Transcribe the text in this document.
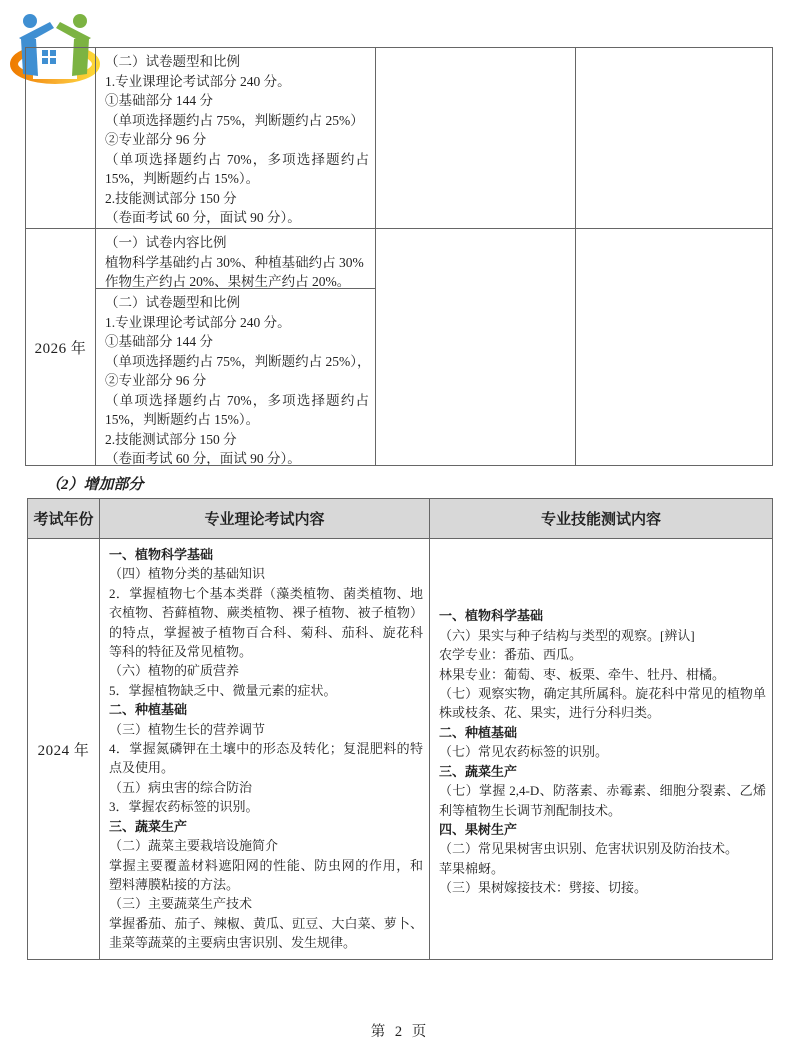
2026 年
（二）试卷题型和比例
1.专业课理论考试部分 240 分。
①基础部分 144 分
（单项选择题约占 75%，判断题约占 25%）
②专业部分 96 分
（单项选择题约占 70%，多项选择题约占
15%，判断题约占 15%）。
2.技能测试部分 150 分
（卷面考试 60 分，面试 90 分）。
（一）试卷内容比例
植物科学基础约占 30%、种植基础约占 30%
作物生产约占 20%、果树生产约占 20%。
（二）试卷题型和比例
1.专业课理论考试部分 240 分。
①基础部分 144 分
（单项选择题约占 75%，判断题约占 25%），
②专业部分 96 分
（单项选择题约占 70%，多项选择题约占
15%，判断题约占 15%）。
2.技能测试部分 150 分
（卷面考试 60 分，面试 90 分）。
（2）增加部分
考试年份	专业理论考试内容	专业技能测试内容
2024 年
一、植物科学基础
（四）植物分类的基础知识
2．掌握植物七个基本类群（藻类植物、菌类植物、地
衣植物、苔藓植物、蕨类植物、裸子植物、被子植物）
的特点，掌握被子植物百合科、菊科、茄科、旋花科
等科的特征及常见植物。
（六）植物的矿质营养
5．掌握植物缺乏中、微量元素的症状。
二、种植基础
（三）植物生长的营养调节
4．掌握氮磷钾在土壤中的形态及转化；复混肥料的特
点及使用。
（五）病虫害的综合防治
3．掌握农药标签的识别。
三、蔬菜生产
（二）蔬菜主要栽培设施简介
掌握主要覆盖材料遮阳网的性能、防虫网的作用，和
塑料薄膜粘接的方法。
（三）主要蔬菜生产技术
掌握番茄、茄子、辣椒、黄瓜、豇豆、大白菜、萝卜、
韭菜等蔬菜的主要病虫害识别、发生规律。
一、植物科学基础
（六）果实与种子结构与类型的观察。[辨认]
农学专业：番茄、西瓜。
林果专业：葡萄、枣、板栗、牵牛、牡丹、柑橘。
（七）观察实物，确定其所属科。旋花科中常见的植物单
株或枝条、花、果实，进行分科归类。
二、种植基础
（七）常见农药标签的识别。
三、蔬菜生产
（七）掌握 2,4-D、防落素、赤霉素、细胞分裂素、乙烯
利等植物生长调节剂配制技术。
四、果树生产
（二）常见果树害虫识别、危害状识别及防治技术。
苹果棉蚜。
（三）果树嫁接技术：劈接、切接。
第 2 页
